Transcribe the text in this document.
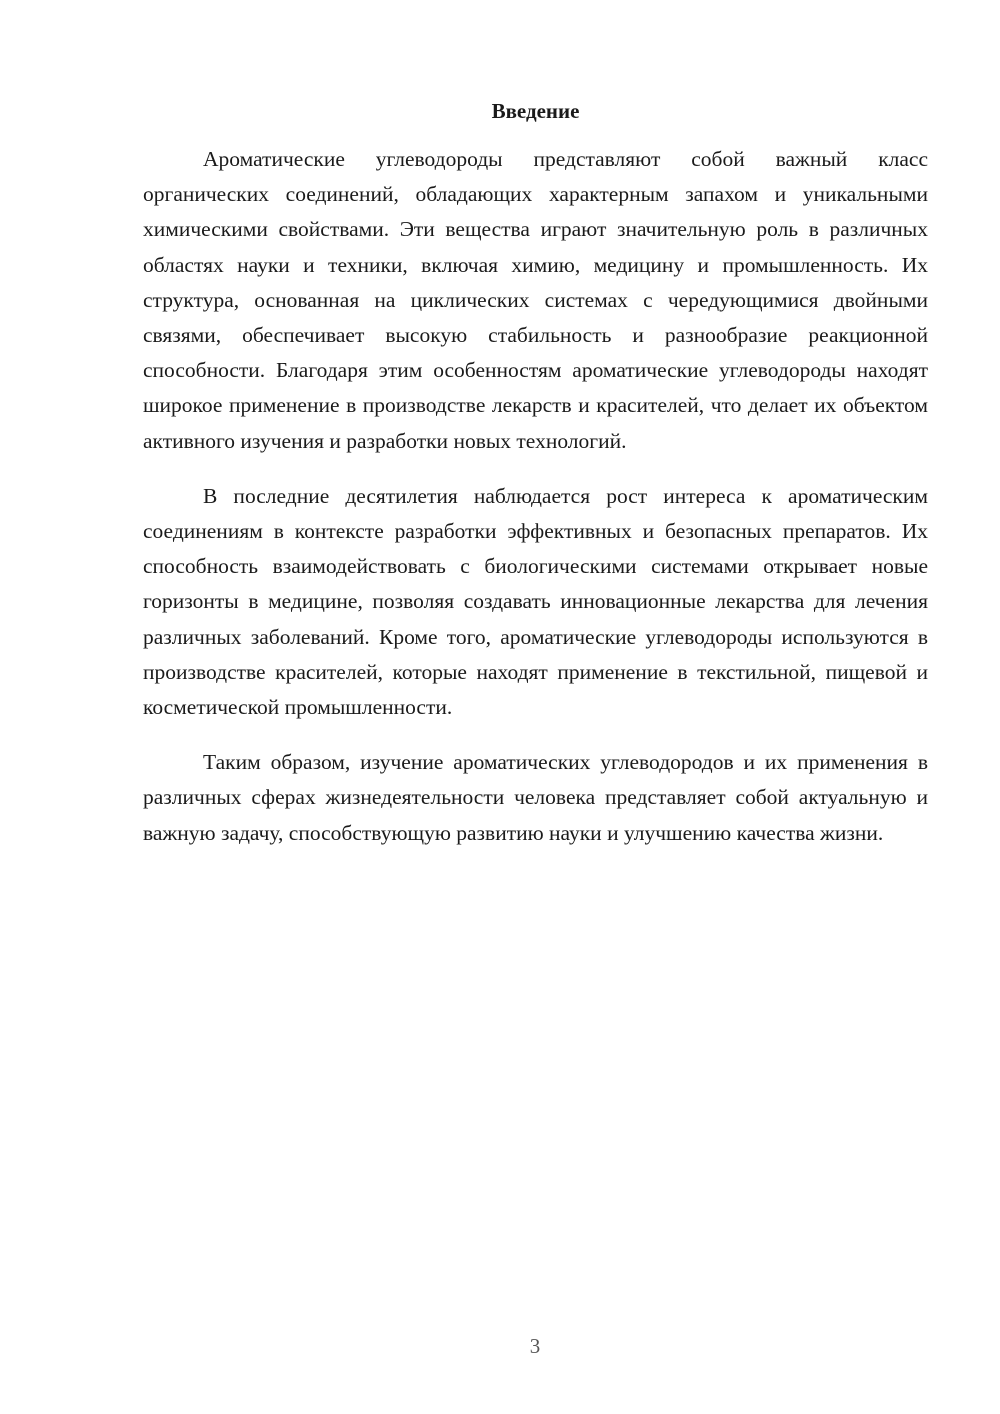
Введение

Ароматические углеводороды представляют собой важный класс органических соединений, обладающих характерным запахом и уникальными химическими свойствами. Эти вещества играют значительную роль в различных областях науки и техники, включая химию, медицину и промышленность. Их структура, основанная на циклических системах с чередующимися двойными связями, обеспечивает высокую стабильность и разнообразие реакционной способности. Благодаря этим особенностям ароматические углеводороды находят широкое применение в производстве лекарств и красителей, что делает их объектом активного изучения и разработки новых технологий.

В последние десятилетия наблюдается рост интереса к ароматическим соединениям в контексте разработки эффективных и безопасных препаратов. Их способность взаимодействовать с биологическими системами открывает новые горизонты в медицине, позволяя создавать инновационные лекарства для лечения различных заболеваний. Кроме того, ароматические углеводороды используются в производстве красителей, которые находят применение в текстильной, пищевой и косметической промышленности.

Таким образом, изучение ароматических углеводородов и их применения в различных сферах жизнедеятельности человека представляет собой актуальную и важную задачу, способствующую развитию науки и улучшению качества жизни.

3
